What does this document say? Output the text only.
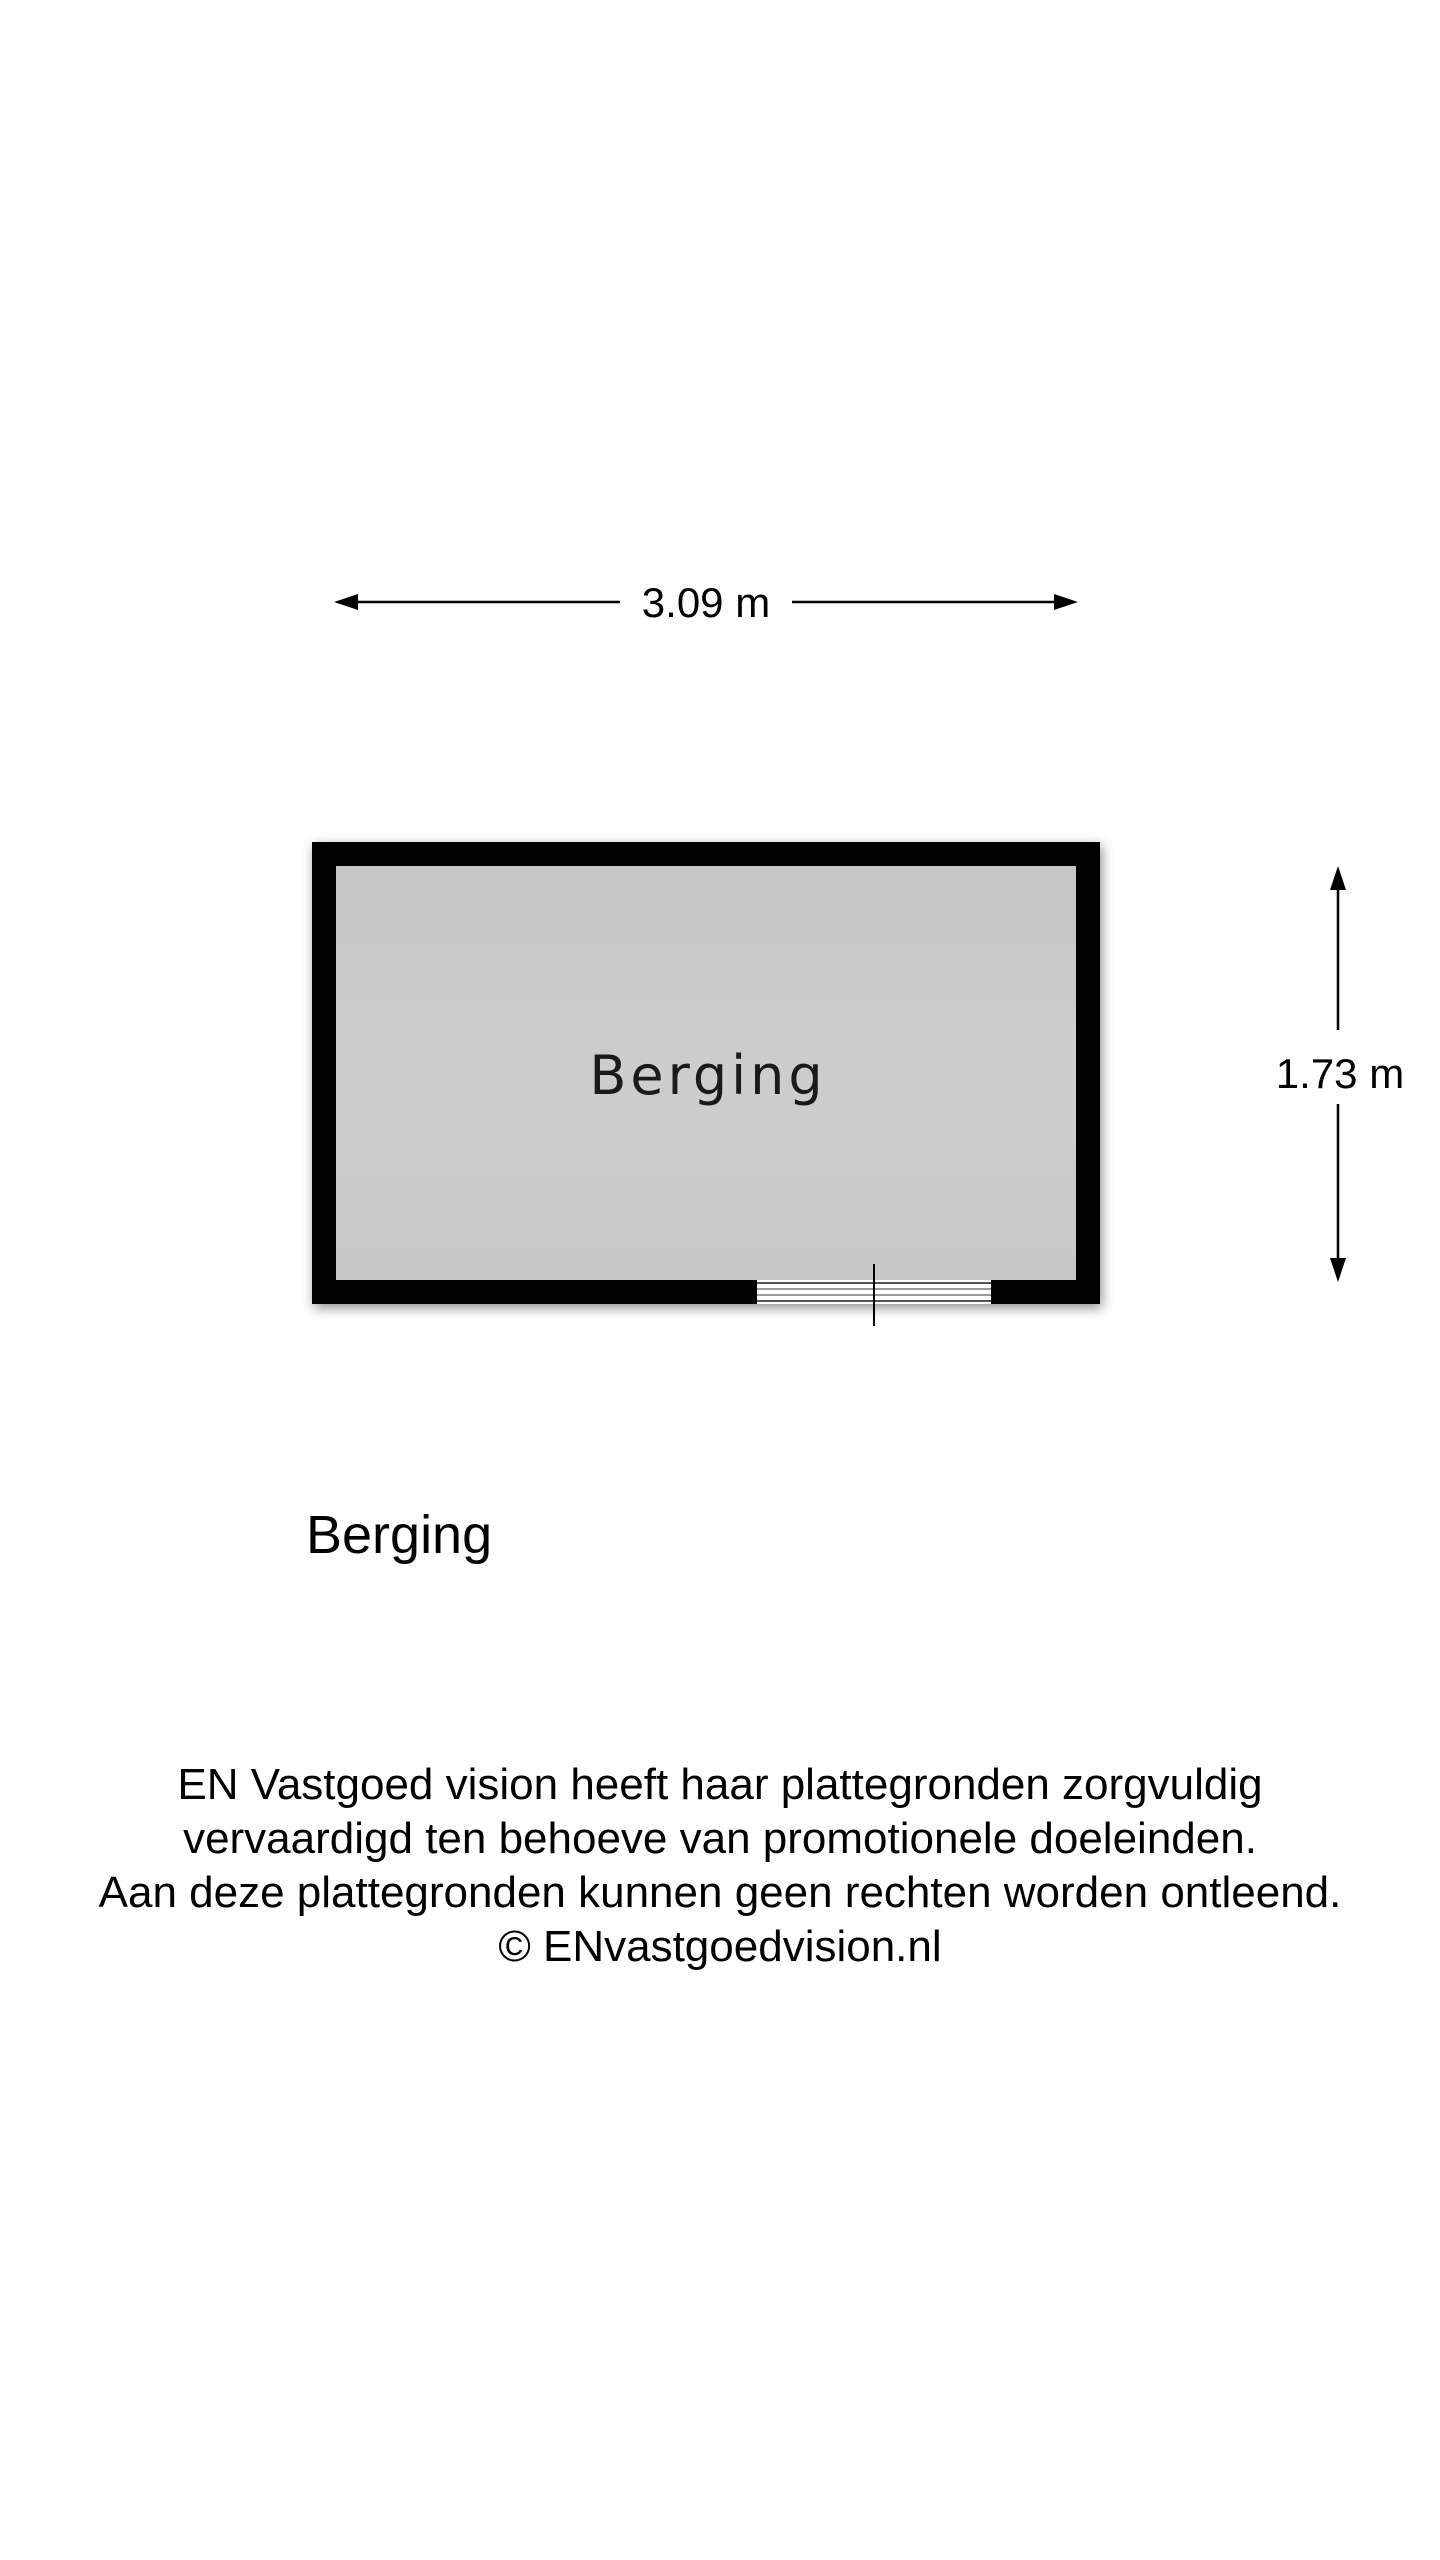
3.09 m
1.73 m
Berging
Berging
EN Vastgoed vision heeft haar plattegronden zorgvuldig
vervaardigd ten behoeve van promotionele doeleinden.
Aan deze plattegronden kunnen geen rechten worden ontleend.
© ENvastgoedvision.nl
